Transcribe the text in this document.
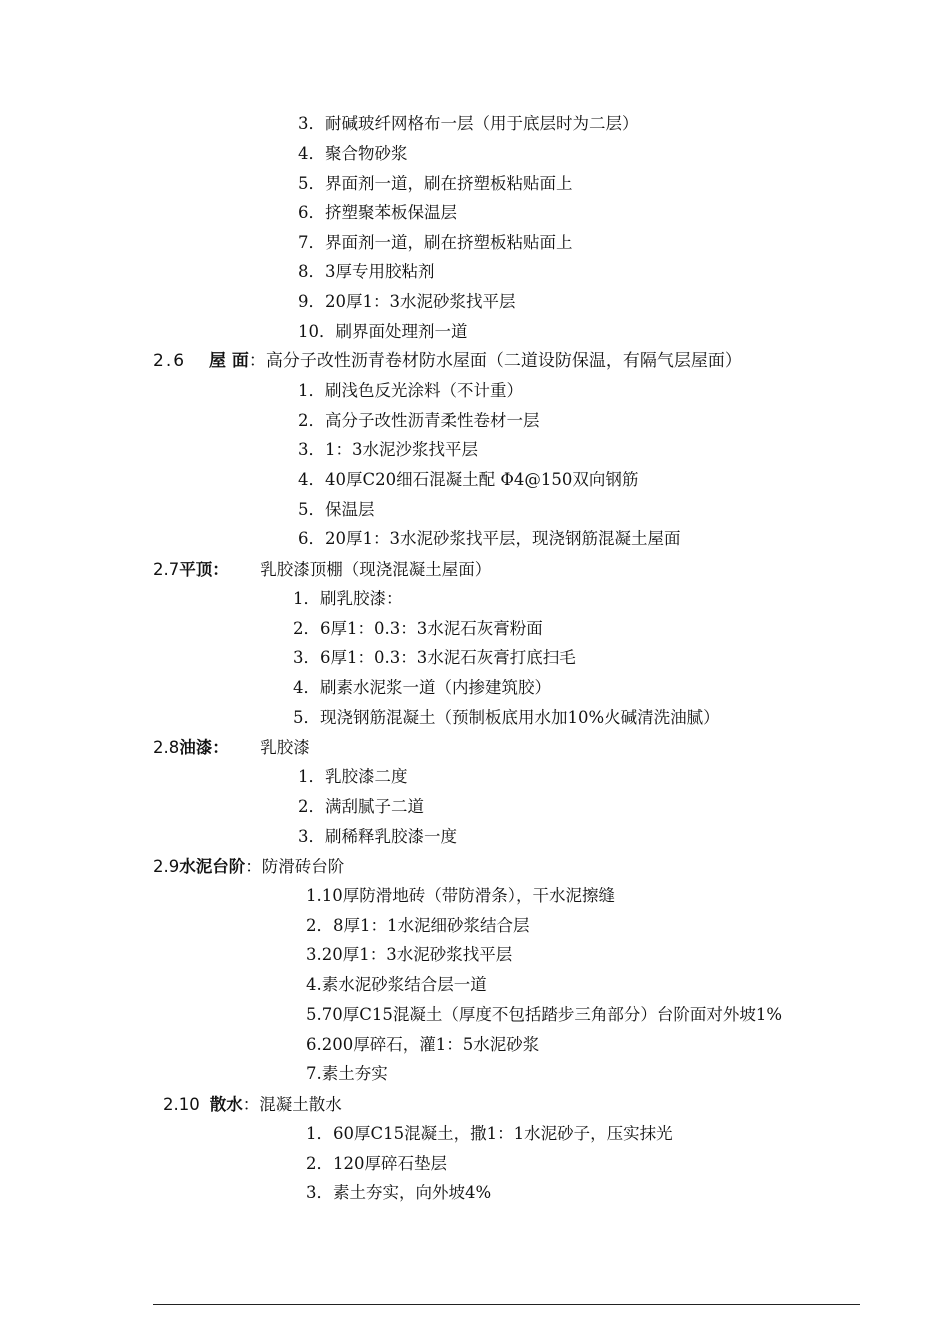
3．耐碱玻纤网格布一层（用于底层时为二层）
4．聚合物砂浆
5．界面剂一道，刷在挤塑板粘贴面上
6．挤塑聚苯板保温层
7．界面剂一道，刷在挤塑板粘贴面上
8．3厚专用胶粘剂
9．20厚1：3水泥砂浆找平层
10．刷界面处理剂一道
2.6 屋 面：高分子改性沥青卷材防水屋面（二道设防保温，有隔气层屋面）
1．刷浅色反光涂料（不计重）
2．高分子改性沥青柔性卷材一层
3．1：3水泥沙浆找平层
4．40厚C20细石混凝土配 Φ4@150双向钢筋
5．保温层
6．20厚1：3水泥砂浆找平层，现浇钢筋混凝土屋面
2.7平顶： 乳胶漆顶棚（现浇混凝土屋面）
1．刷乳胶漆：
2．6厚1：0.3：3水泥石灰膏粉面
3．6厚1：0.3：3水泥石灰膏打底扫毛
4．刷素水泥浆一道（内掺建筑胶）
5．现浇钢筋混凝土（预制板底用水加10%火碱清洗油腻）
2.8油漆： 乳胶漆
1．乳胶漆二度
2．满刮腻子二道
3．刷稀释乳胶漆一度
2.9水泥台阶：防滑砖台阶
1.10厚防滑地砖（带防滑条），干水泥擦缝
2．8厚1：1水泥细砂浆结合层
3.20厚1：3水泥砂浆找平层
4.素水泥砂浆结合层一道
5.70厚C15混凝土（厚度不包括踏步三角部分）台阶面对外坡1%
6.200厚碎石，灌1：5水泥砂浆
7.素土夯实
2.10 散水：混凝土散水
1．60厚C15混凝土，撒1：1水泥砂子，压实抹光
2．120厚碎石垫层
3．素土夯实，向外坡4%
